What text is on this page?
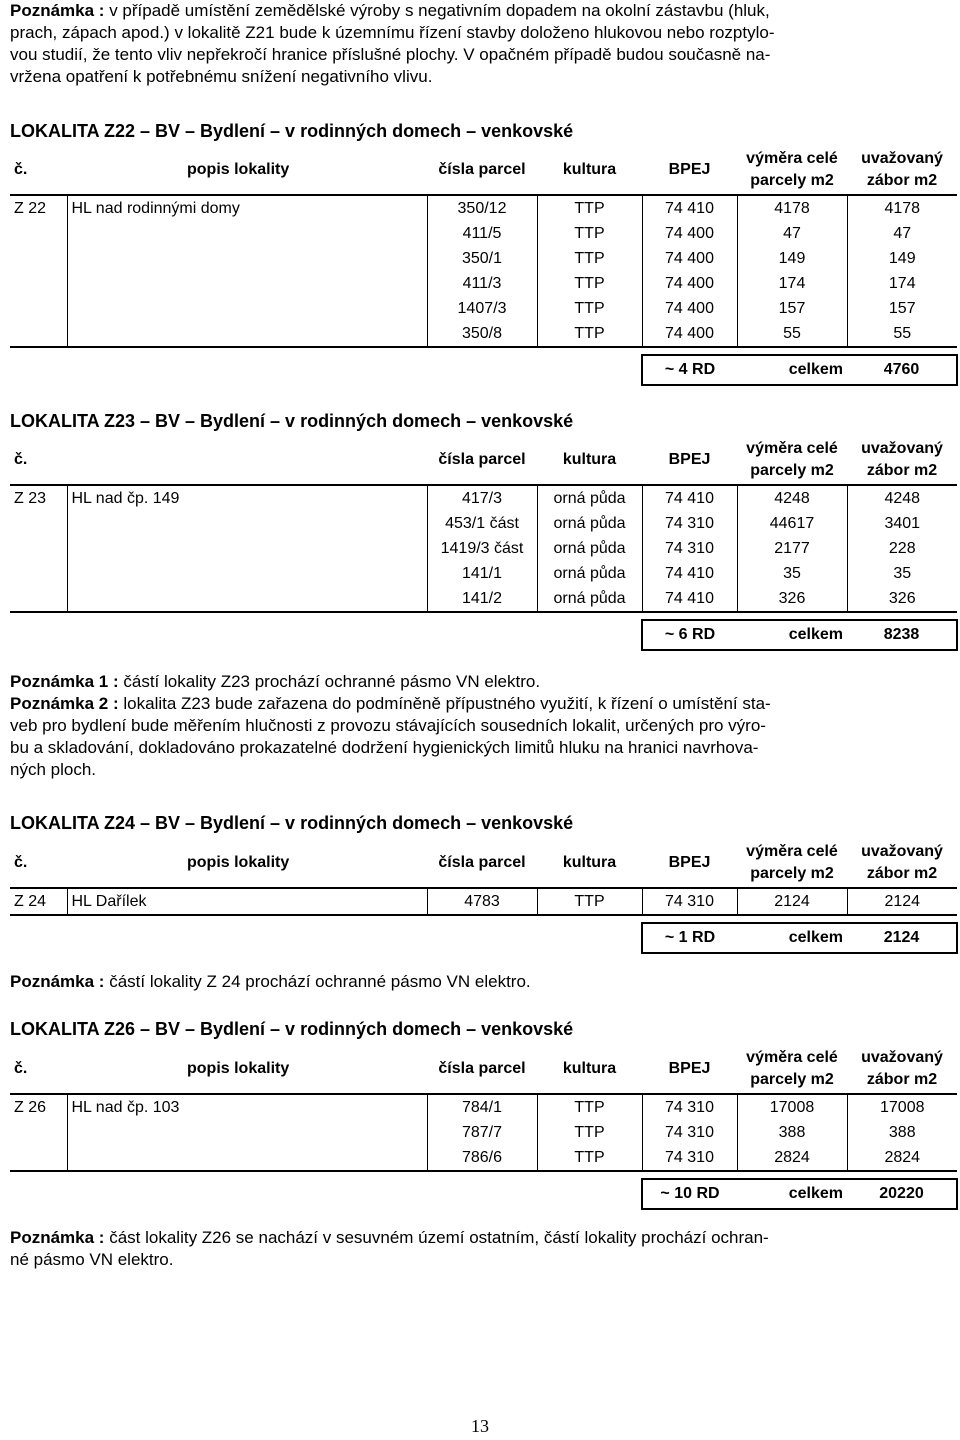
Poznámka : v případě umístění zemědělské výroby s negativním dopadem na okolní zástavbu (hluk,
prach, zápach apod.) v lokalitě Z21 bude k územnímu řízení stavby doloženo hlukovou nebo rozptylo-
vou studií, že tento vliv nepřekročí hranice příslušné plochy. V opačném případě budou současně na-
vržena opatření k potřebnému snížení negativního vlivu.

LOKALITA Z22 – BV – Bydlení – v rodinných domech – venkovské
č.	popis lokality	čísla parcel	kultura	BPEJ	výměra celé
parcely m2	uvažovaný
zábor m2
Z 22	HL nad rodinnými domy	350/12	TTP	74 410	4178	4178
		411/5	TTP	74 400	47	47
		350/1	TTP	74 400	149	149
		411/3	TTP	74 400	174	174
		1407/3	TTP	74 400	157	157
		350/8	TTP	74 400	55	55

				~ 4 RD	celkem	4760
LOKALITA Z23 – BV – Bydlení – v rodinných domech – venkovské
č.		čísla parcel	kultura	BPEJ	výměra celé
parcely m2	uvažovaný
zábor m2
Z 23	HL nad čp. 149	417/3	orná půda	74 410	4248	4248
		453/1 část	orná půda	74 310	44617	3401
		1419/3 část	orná půda	74 310	2177	228
		141/1	orná půda	74 410	35	35
		141/2	orná půda	74 410	326	326

				~ 6 RD	celkem	8238

Poznámka 1 : částí lokality Z23 prochází ochranné pásmo VN elektro.

Poznámka 2 : lokalita Z23 bude zařazena do podmíněně přípustného využití, k řízení o umístění sta-
veb pro bydlení bude měřením hlučnosti z provozu stávajících sousedních lokalit, určených pro výro-
bu a skladování, dokladováno prokazatelné dodržení hygienických limitů hluku na hranici navrhova-
ných ploch.

LOKALITA Z24 – BV – Bydlení – v rodinných domech – venkovské
č.	popis lokality	čísla parcel	kultura	BPEJ	výměra celé
parcely m2	uvažovaný
zábor m2
Z 24	HL Dařílek	4783	TTP	74 310	2124	2124

				~ 1 RD	celkem	2124

Poznámka : částí lokality Z 24 prochází ochranné pásmo VN elektro.

LOKALITA Z26 – BV – Bydlení – v rodinných domech – venkovské
č.	popis lokality	čísla parcel	kultura	BPEJ	výměra celé
parcely m2	uvažovaný
zábor m2
Z 26	HL nad čp. 103	784/1	TTP	74 310	17008	17008
		787/7	TTP	74 310	388	388
		786/6	TTP	74 310	2824	2824

				~ 10 RD	celkem	20220

Poznámka : část lokality Z26 se nachází v sesuvném území ostatním, částí lokality prochází ochran-
né pásmo VN elektro.

13
